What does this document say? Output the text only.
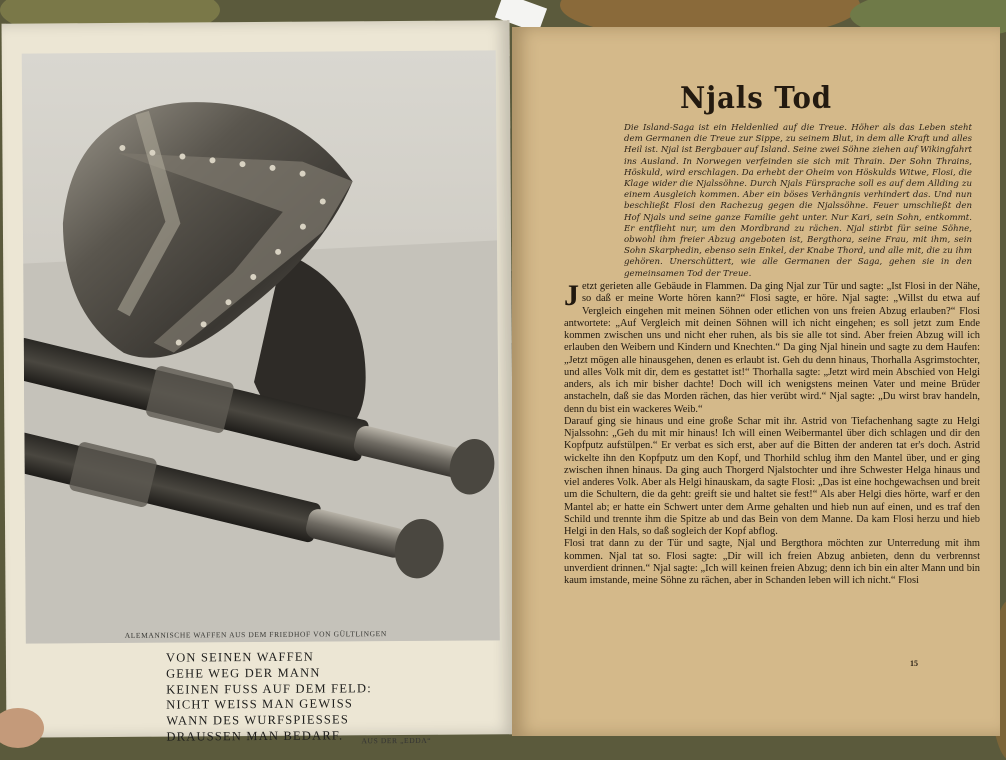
ALEMANNISCHE WAFFEN AUS DEM FRIEDHOF VON GÜLTLINGEN
VON SEINEN WAFFEN
GEHE WEG DER MANN
KEINEN FUSS AUF DEM FELD:
NICHT WEISS MAN GEWISS
WANN DES WURFSPIESSES
DRAUSSEN MAN BEDARF.	AUS DER „EDDA“
Njals Tod
Die Island-Saga ist ein Heldenlied auf die Treue. Höher als das Leben steht dem Germanen die Treue zur Sippe, zu seinem Blut, in dem alle Kraft und alles Heil ist. Njal ist Bergbauer auf Island. Seine zwei Söhne ziehen auf Wikingfahrt ins Ausland. In Norwegen verfeinden sie sich mit Thrain. Der Sohn Thrains, Höskuld, wird erschlagen. Da erhebt der Oheim von Höskulds Witwe, Flosi, die Klage wider die Njalssöhne. Durch Njals Fürsprache soll es auf dem Allding zu einem Ausgleich kommen. Aber ein böses Verhängnis verhindert das. Und nun beschließt Flosi den Rachezug gegen die Njalssöhne. Feuer umschließt den Hof Njals und seine ganze Familie geht unter. Nur Kari, sein Sohn, entkommt. Er entflieht nur, um den Mordbrand zu rächen. Njal stirbt für seine Söhne, obwohl ihm freier Abzug angeboten ist, Bergthora, seine Frau, mit ihm, sein Sohn Skarphedin, ebenso sein Enkel, der Knabe Thord, und alle mit, die zu ihm gehören. Unerschüttert, wie alle Germanen der Saga, gehen sie in den gemeinsamen Tod der Treue.

Jetzt gerieten alle Gebäude in Flammen. Da ging Njal zur Tür und sagte: „Ist Flosi in der Nähe, so daß er meine Worte hören kann?“ Flosi sagte, er höre. Njal sagte: „Willst du etwa auf Vergleich eingehen mit meinen Söhnen oder etlichen von uns freien Abzug erlauben?“ Flosi antwortete: „Auf Vergleich mit deinen Söhnen will ich nicht eingehen; es soll jetzt zum Ende kommen zwischen uns und nicht eher ruhen, als bis sie alle tot sind. Aber freien Abzug will ich erlauben den Weibern und Kindern und Knechten.“ Da ging Njal hinein und sagte zu dem Haufen: „Jetzt mögen alle hinausgehen, denen es erlaubt ist. Geh du denn hinaus, Thorhalla Asgrimstochter, und alles Volk mit dir, dem es gestattet ist!“ Thorhalla sagte: „Jetzt wird mein Abschied von Helgi anders, als ich mir bisher dachte! Doch will ich wenigstens meinen Vater und meine Brüder anstacheln, daß sie das Morden rächen, das hier verübt wird.“ Njal sagte: „Du wirst brav handeln, denn du bist ein wackeres Weib.“

Darauf ging sie hinaus und eine große Schar mit ihr. Astrid von Tiefachenhang sagte zu Helgi Njalssohn: „Geh du mit mir hinaus! Ich will einen Weibermantel über dich schlagen und dir den Kopfputz aufstülpen.“ Er verbat es sich erst, aber auf die Bitten der anderen tat er's doch. Astrid wickelte ihn den Kopfputz um den Kopf, und Thorhild schlug ihm den Mantel über, und er ging zwischen ihnen hinaus. Da ging auch Thorgerd Njalstochter und ihre Schwester Helga hinaus und viel anderes Volk. Aber als Helgi hinauskam, da sagte Flosi: „Das ist eine hochgewachsen und breit um die Schultern, die da geht: greift sie und haltet sie fest!“ Als aber Helgi dies hörte, warf er den Mantel ab; er hatte ein Schwert unter dem Arme gehalten und hieb nun auf einen, und es traf den Schild und trennte ihm die Spitze ab und das Bein von dem Manne. Da kam Flosi herzu und hieb Helgi in den Hals, so daß sogleich der Kopf abflog.

Flosi trat dann zu der Tür und sagte, Njal und Bergthora möchten zur Unterredung mit ihm kommen. Njal tat so. Flosi sagte: „Dir will ich freien Abzug anbieten, denn du verbrennst unverdient drinnen.“ Njal sagte: „Ich will keinen freien Abzug; denn ich bin ein alter Mann und bin kaum imstande, meine Söhne zu rächen, aber in Schanden leben will ich nicht.“ Flosi

15
